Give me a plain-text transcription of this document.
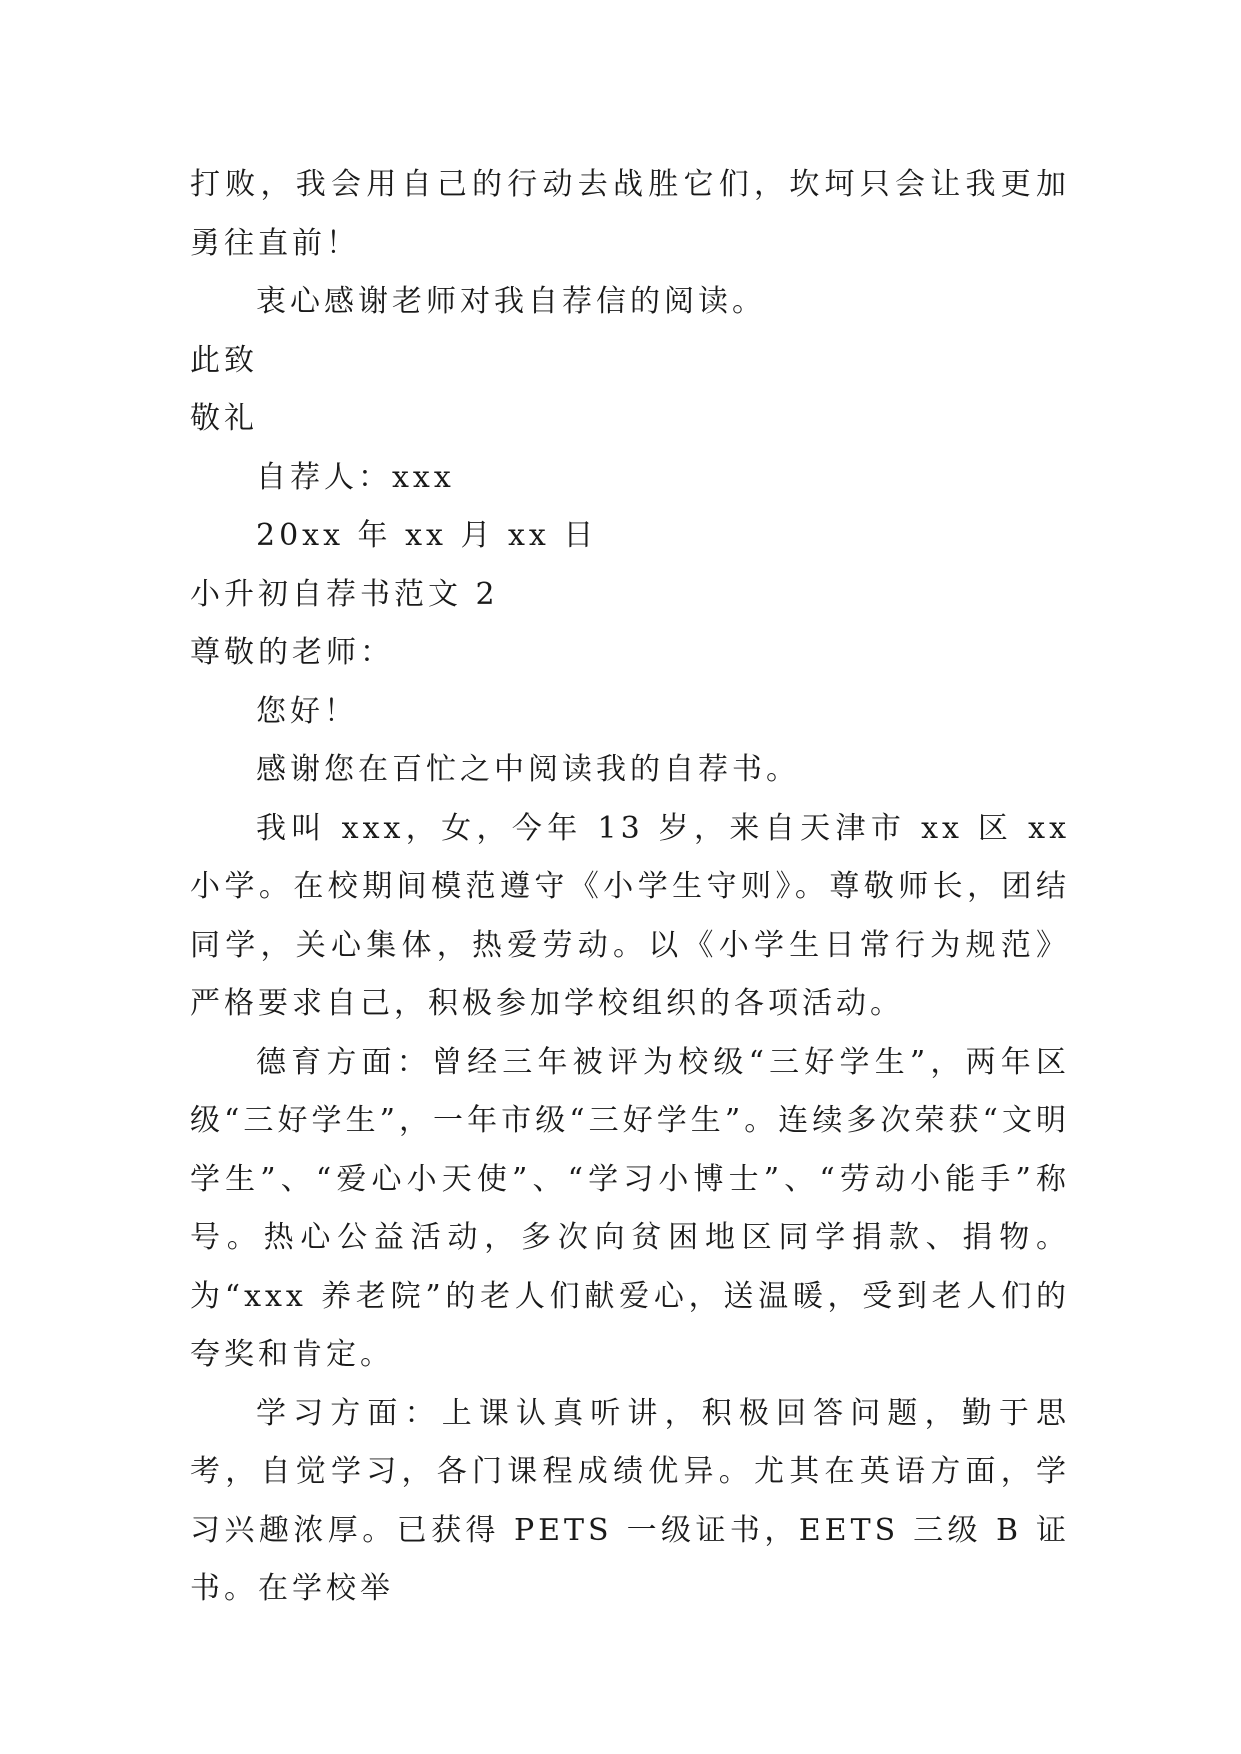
打败，我会用自己的行动去战胜它们，坎坷只会让我更加勇往直前！

衷心感谢老师对我自荐信的阅读。

此致

敬礼

自荐人：xxx

20xx 年 xx 月 xx 日

小升初自荐书范文 2

尊敬的老师：

您好！

感谢您在百忙之中阅读我的自荐书。

我叫 xxx，女，今年 13 岁，来自天津市 xx 区 xx 小学。在校期间模范遵守《小学生守则》。尊敬师长，团结同学，关心集体，热爱劳动。以《小学生日常行为规范》严格要求自己，积极参加学校组织的各项活动。

德育方面：曾经三年被评为校级“三好学生”，两年区级“三好学生”，一年市级“三好学生”。连续多次荣获“文明学生”、“爱心小天使”、“学习小博士”、“劳动小能手”称号。热心公益活动，多次向贫困地区同学捐款、捐物。为“xxx 养老院”的老人们献爱心，送温暖，受到老人们的夸奖和肯定。

学习方面：上课认真听讲，积极回答问题，勤于思考，自觉学习，各门课程成绩优异。尤其在英语方面，学习兴趣浓厚。已获得 PETS 一级证书，EETS 三级 B 证书。在学校举
